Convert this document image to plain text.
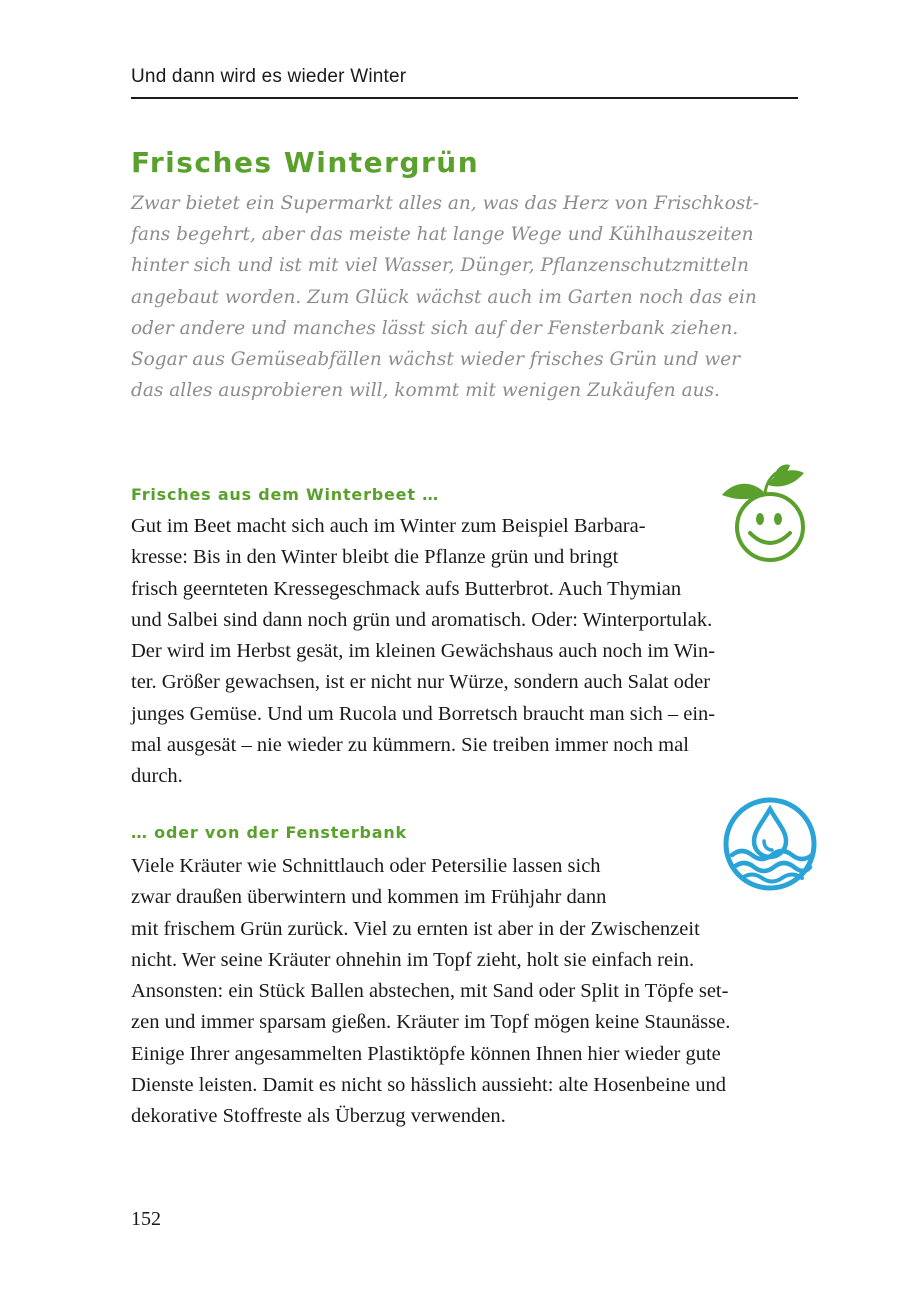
Und dann wird es wieder Winter
Frisches Wintergrün
Zwar bietet ein Supermarkt alles an, was das Herz von Frischkost-
fans begehrt, aber das meiste hat lange Wege und Kühlhauszeiten
hinter sich und ist mit viel Wasser, Dünger, Pflanzenschutzmitteln
angebaut worden. Zum Glück wächst auch im Garten noch das ein
oder andere und manches lässt sich auf der Fensterbank ziehen.
Sogar aus Gemüseabfällen wächst wieder frisches Grün und wer
das alles ausprobieren will, kommt mit wenigen Zukäufen aus.
Frisches aus dem Winterbeet …
Gut im Beet macht sich auch im Winter zum Beispiel Barbara-
kresse: Bis in den Winter bleibt die Pflanze grün und bringt
frisch geernteten Kressegeschmack aufs Butterbrot. Auch Thymian
und Salbei sind dann noch grün und aromatisch. Oder: Winterportulak.
Der wird im Herbst gesät, im kleinen Gewächshaus auch noch im Win-
ter. Größer gewachsen, ist er nicht nur Würze, sondern auch Salat oder
junges Gemüse. Und um Rucola und Borretsch braucht man sich – ein-
mal ausgesät – nie wieder zu kümmern. Sie treiben immer noch mal
durch.
… oder von der Fensterbank
Viele Kräuter wie Schnittlauch oder Petersilie lassen sich
zwar draußen überwintern und kommen im Frühjahr dann
mit frischem Grün zurück. Viel zu ernten ist aber in der Zwischenzeit
nicht. Wer seine Kräuter ohnehin im Topf zieht, holt sie einfach rein.
Ansonsten: ein Stück Ballen abstechen, mit Sand oder Split in Töpfe set-
zen und immer sparsam gießen. Kräuter im Topf mögen keine Staunässe.
Einige Ihrer angesammelten Plastiktöpfe können Ihnen hier wieder gute
Dienste leisten. Damit es nicht so hässlich aussieht: alte Hosenbeine und
dekorative Stoffreste als Überzug verwenden.
152
